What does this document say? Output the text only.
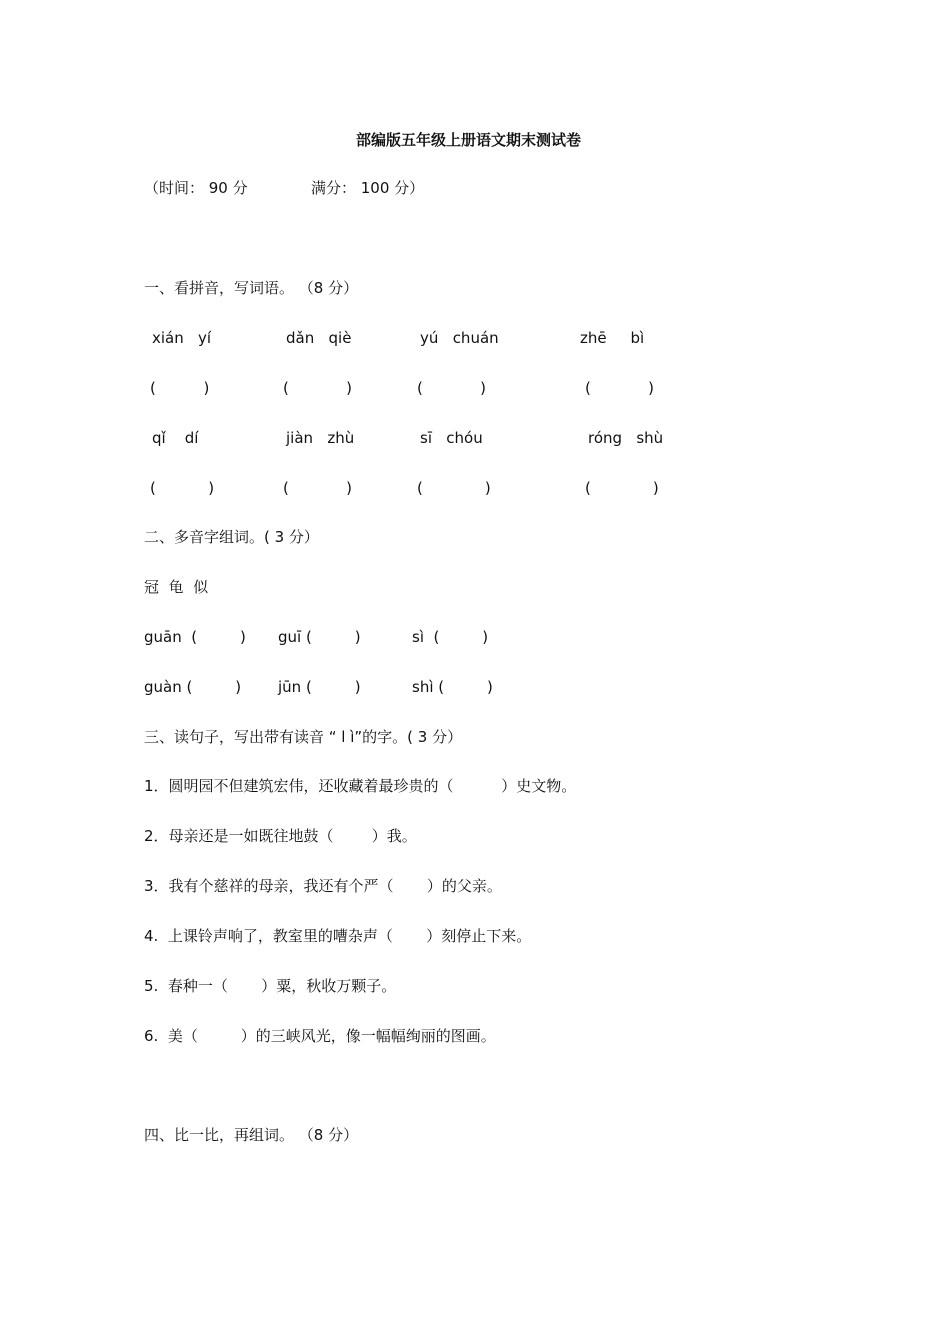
部编版五年级上册语文期末测试卷
（时间： 90 分	满分： 100 分）
一、看拼音，写词语。 （8 分）
xián   yí	dǎn   qiè	yú   chuán	zhē     bì
(          )	(            )	(            )	(            )
qǐ    dí	jiàn   zhù	sī   chóu	róng   shù
(           )	(            )	(             )	(             )
二、多音字组词。( 3 分）
冠  龟  似
guān  (         ) guī (         )	sì  (         )
guàn (         ) jūn (         )	shì (         )
三、读句子，写出带有读音 “ l ì”的字。( 3 分）
1．圆明园不但建筑宏伟，还收藏着最珍贵的（          ）史文物。
2．母亲还是一如既往地鼓（        ）我。
3．我有个慈祥的母亲，我还有个严（       ）的父亲。
4.  上课铃声响了，教室里的嘈杂声（       ）刻停止下来。
5.  春种一（       ）粟，秋收万颗子。
6.  美（         ）的三峡风光，像一幅幅绚丽的图画。
四、比一比，再组词。 （8 分）
